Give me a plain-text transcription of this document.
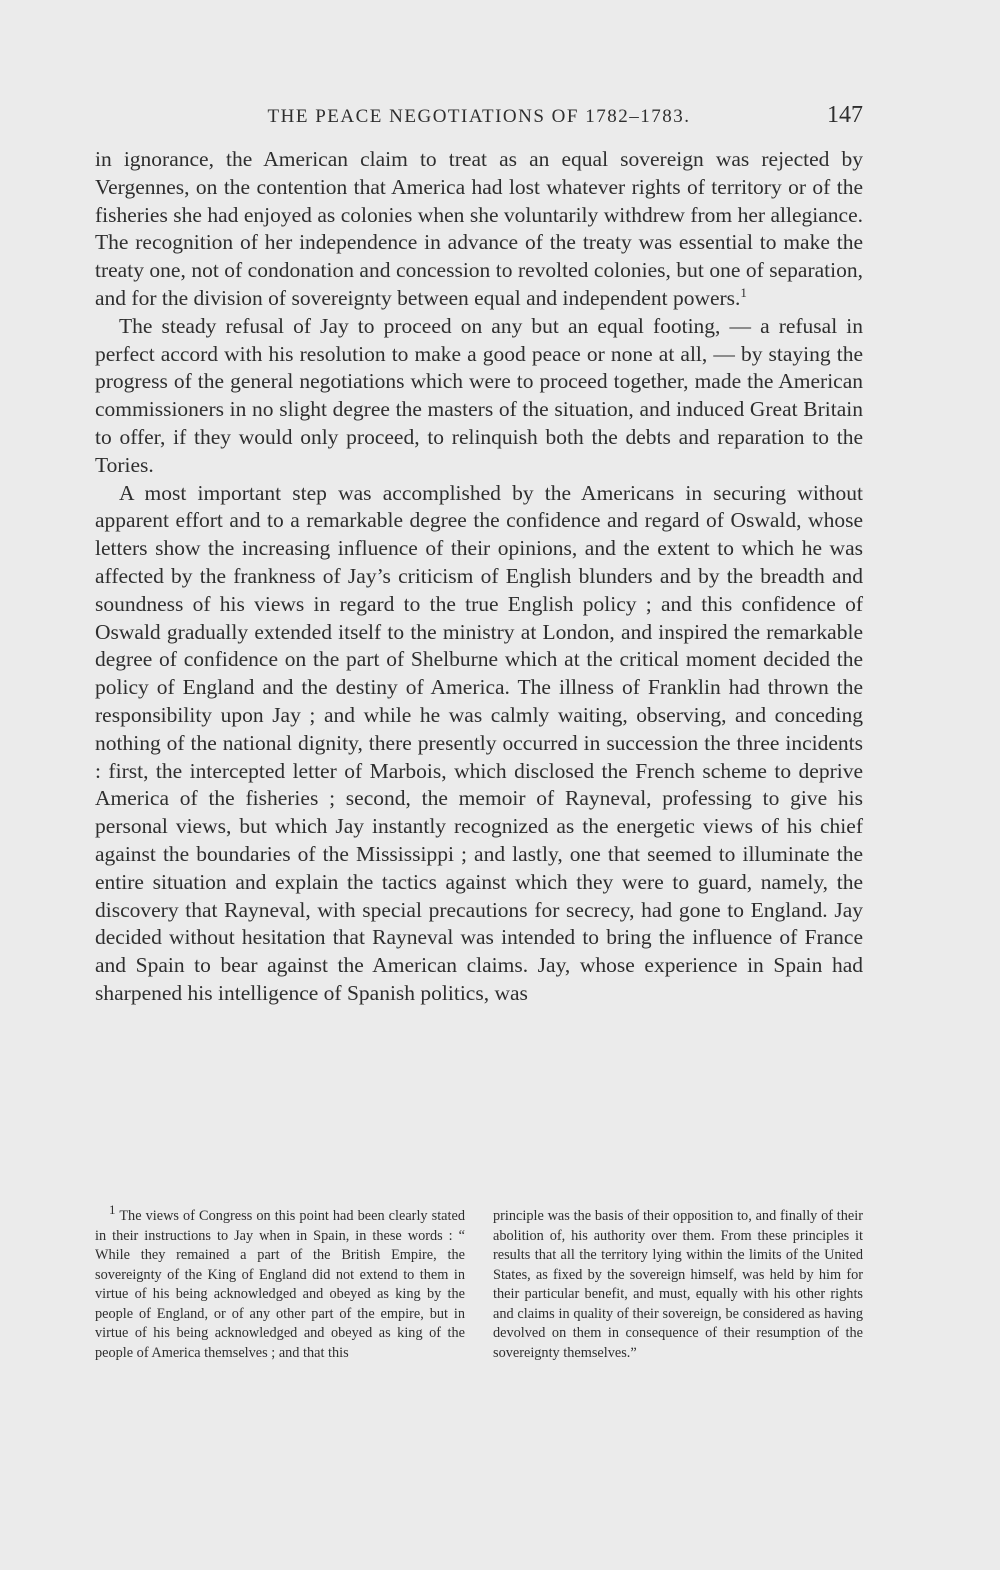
THE PEACE NEGOTIATIONS OF 1782–1783.	147

in ignorance, the American claim to treat as an equal sovereign was rejected by Vergennes, on the contention that America had lost whatever rights of territory or of the fisheries she had enjoyed as colonies when she voluntarily withdrew from her allegiance. The recognition of her independence in advance of the treaty was essential to make the treaty one, not of condonation and concession to revolted colonies, but one of separation, and for the division of sovereignty between equal and independent powers.$^1$

The steady refusal of Jay to proceed on any but an equal footing, — a refusal in perfect accord with his resolution to make a good peace or none at all, — by staying the progress of the general negotiations which were to proceed together, made the American commissioners in no slight degree the masters of the situation, and induced Great Britain to offer, if they would only proceed, to relinquish both the debts and reparation to the Tories.

A most important step was accomplished by the Americans in securing without apparent effort and to a remarkable degree the confidence and regard of Oswald, whose letters show the increasing influence of their opinions, and the extent to which he was affected by the frankness of Jay’s criticism of English blunders and by the breadth and soundness of his views in regard to the true English policy ; and this confidence of Oswald gradually extended itself to the ministry at London, and inspired the remarkable degree of confidence on the part of Shelburne which at the critical moment decided the policy of England and the destiny of America. The illness of Franklin had thrown the responsibility upon Jay ; and while he was calmly waiting, observing, and conceding nothing of the national dignity, there presently occurred in succession the three incidents : first, the intercepted letter of Marbois, which disclosed the French scheme to deprive America of the fisheries ; second, the memoir of Rayneval, professing to give his personal views, but which Jay instantly recognized as the energetic views of his chief against the boundaries of the Mississippi ; and lastly, one that seemed to illuminate the entire situation and explain the tactics against which they were to guard, namely, the discovery that Rayneval, with special precautions for secrecy, had gone to England. Jay decided without hesitation that Rayneval was intended to bring the influence of France and Spain to bear against the American claims. Jay, whose experience in Spain had sharpened his intelligence of Spanish politics, was

$^1$ The views of Congress on this point had been clearly stated in their instructions to Jay when in Spain, in these words : “ While they remained a part of the British Empire, the sovereignty of the King of England did not extend to them in virtue of his being acknowledged and obeyed as king by the people of England, or of any other part of the empire, but in virtue of his being acknowledged and obeyed as king of the people of America themselves ; and that this

principle was the basis of their opposition to, and finally of their abolition of, his authority over them. From these principles it results that all the territory lying within the limits of the United States, as fixed by the sovereign himself, was held by him for their particular benefit, and must, equally with his other rights and claims in quality of their sovereign, be considered as having devolved on them in consequence of their resumption of the sovereignty themselves.”
